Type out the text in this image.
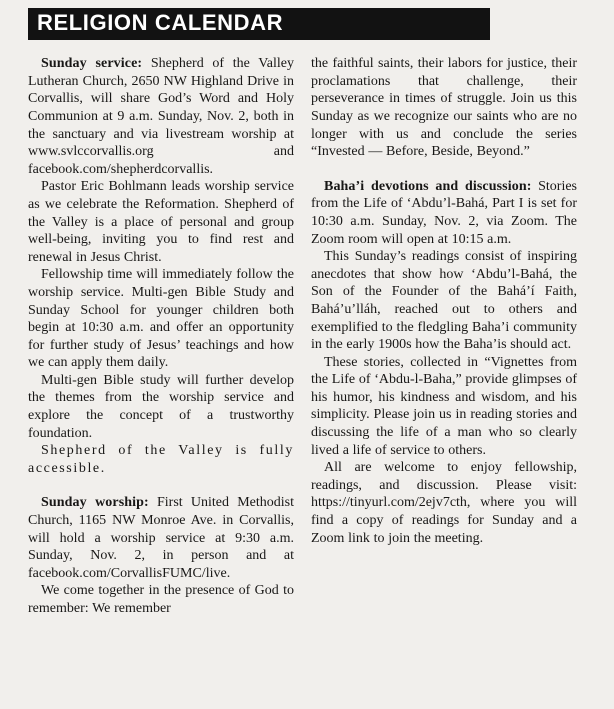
RELIGION CALENDAR

Sunday service: Shepherd of the Valley Lutheran Church, 2650 NW Highland Drive in Corvallis, will share God’s Word and Holy Communion at 9 a.m. Sunday, Nov. 2, both in the sanctuary and via livestream worship at www.svlccorvallis.org and facebook.com/shepherdcorvallis.

Pastor Eric Bohlmann leads worship service as we celebrate the Reformation. Shepherd of the Valley is a place of personal and group well-being, inviting you to find rest and renewal in Jesus Christ.

Fellowship time will immediately follow the worship service. Multi-gen Bible Study and Sunday School for younger children both begin at 10:30 a.m. and offer an opportunity for further study of Jesus’ teachings and how we can apply them daily.

Multi-gen Bible study will further develop the themes from the worship service and explore the concept of a trustworthy foundation.

Shepherd of the Valley is fully accessible.

Sunday worship: First United Methodist Church, 1165 NW Monroe Ave. in Corvallis, will hold a worship service at 9:30 a.m. Sunday, Nov. 2, in person and at facebook.com/CorvallisFUMC/live.

We come together in the presence of God to remember: We remember

the faithful saints, their labors for justice, their proclamations that challenge, their perseverance in times of struggle. Join us this Sunday as we recognize our saints who are no longer with us and conclude the series “Invested — Before, Beside, Beyond.”

Baha’i devotions and discussion: Stories from the Life of ‘Abdu’l-Bahá, Part I is set for 10:30 a.m. Sunday, Nov. 2, via Zoom. The Zoom room will open at 10:15 a.m.

This Sunday’s readings consist of inspiring anecdotes that show how ‘Abdu’l-Bahá, the Son of the Founder of the Bahá’í Faith, Bahá’u’lláh, reached out to others and exemplified to the fledgling Baha’i community in the early 1900s how the Baha’is should act.

These stories, collected in “Vignettes from the Life of ‘Abdu-l-Baha,” provide glimpses of his humor, his kindness and wisdom, and his simplicity. Please join us in reading stories and discussing the life of a man who so clearly lived a life of service to others.

All are welcome to enjoy fellowship, readings, and discussion. Please visit: https://tinyurl.com/2ejv7cth, where you will find a copy of readings for Sunday and a Zoom link to join the meeting.
